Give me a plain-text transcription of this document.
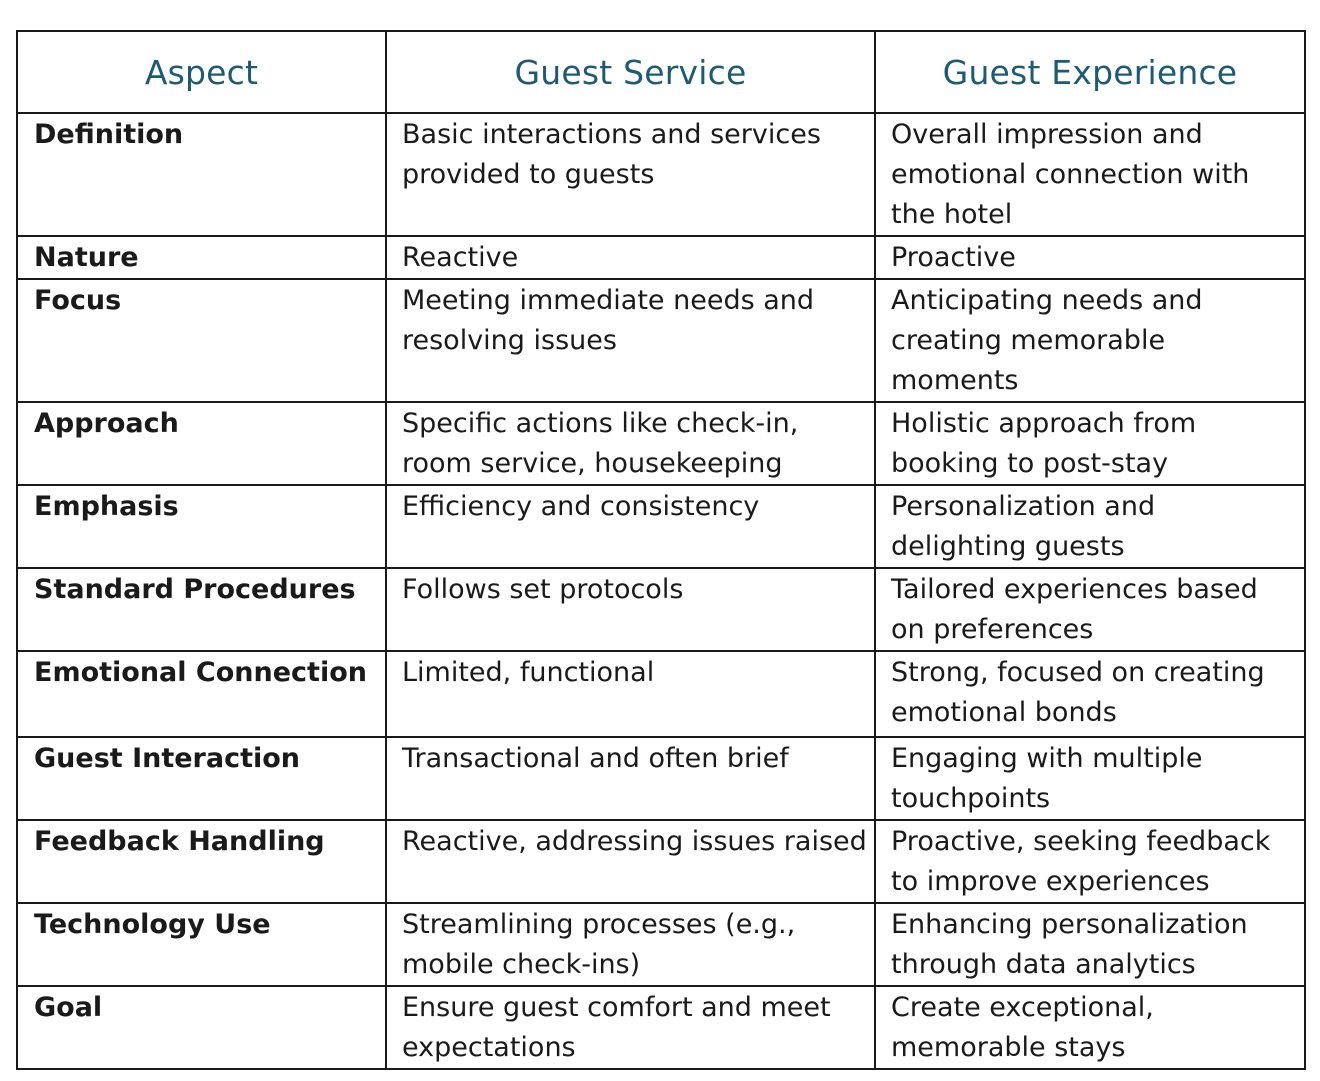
Aspect	Guest Service	Guest Experience

Definition	Basic interactions and services provided to guests	Overall impression and emotional connection with the hotel

Nature	Reactive	Proactive

Focus	Meeting immediate needs and resolving issues	Anticipating needs and creating memorable moments

Approach	Specific actions like check-in, room service, housekeeping	Holistic approach from booking to post-stay

Emphasis	Efficiency and consistency	Personalization and delighting guests

Standard Procedures	Follows set protocols	Tailored experiences based on preferences

Emotional Connection	Limited, functional	Strong, focused on creating emotional bonds

Guest Interaction	Transactional and often brief	Engaging with multiple touchpoints

Feedback Handling	Reactive, addressing issues raised	Proactive, seeking feedback to improve experiences

Technology Use	Streamlining processes (e.g., mobile check-ins)	Enhancing personalization through data analytics

Goal	Ensure guest comfort and meet expectations	Create exceptional, memorable stays
